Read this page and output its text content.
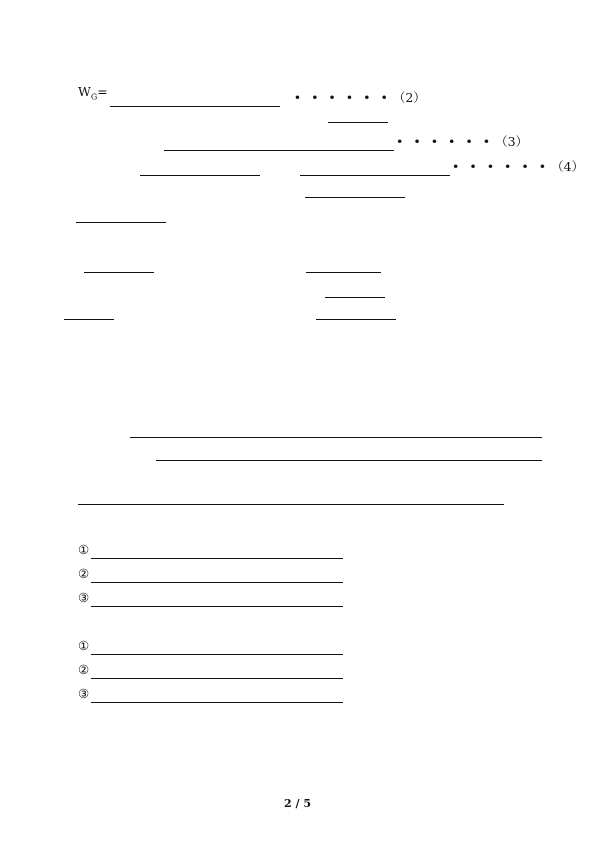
$W_G=$	• • • • • • （2）
• • • • • • （3）
• • • • • • （4）
①
②
③
①
②
③
2 / 5
